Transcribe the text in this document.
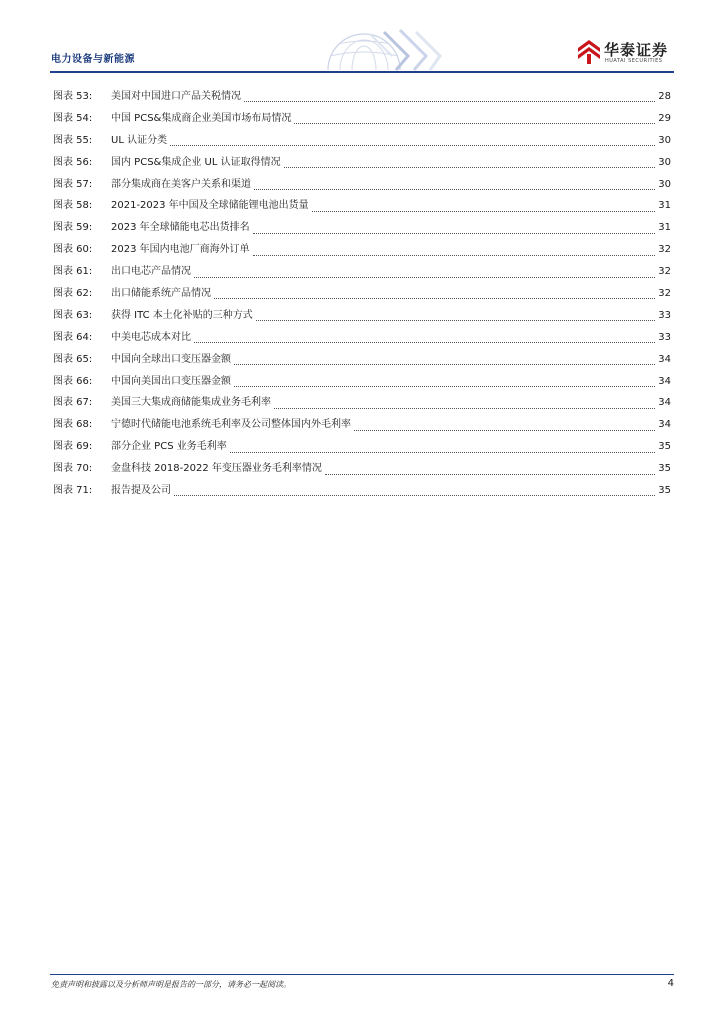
电力设备与新能源
华泰证券
HUATAI SECURITIES
图表 53:	美国对中国进口产品关税情况	28
图表 54:	中国 PCS&集成商企业美国市场布局情况	29
图表 55:	UL 认证分类	30
图表 56:	国内 PCS&集成企业 UL 认证取得情况	30
图表 57:	部分集成商在美客户关系和渠道	30
图表 58:	2021-2023 年中国及全球储能锂电池出货量	31
图表 59:	2023 年全球储能电芯出货排名	31
图表 60:	2023 年国内电池厂商海外订单	32
图表 61:	出口电芯产品情况	32
图表 62:	出口储能系统产品情况	32
图表 63:	获得 ITC 本土化补贴的三种方式	33
图表 64:	中美电芯成本对比	33
图表 65:	中国向全球出口变压器金额	34
图表 66:	中国向美国出口变压器金额	34
图表 67:	美国三大集成商储能集成业务毛利率	34
图表 68:	宁德时代储能电池系统毛利率及公司整体国内外毛利率	34
图表 69:	部分企业 PCS 业务毛利率	35
图表 70:	金盘科技 2018-2022 年变压器业务毛利率情况	35
图表 71:	报告提及公司	35
免责声明和披露以及分析师声明是报告的一部分，请务必一起阅读。	4
